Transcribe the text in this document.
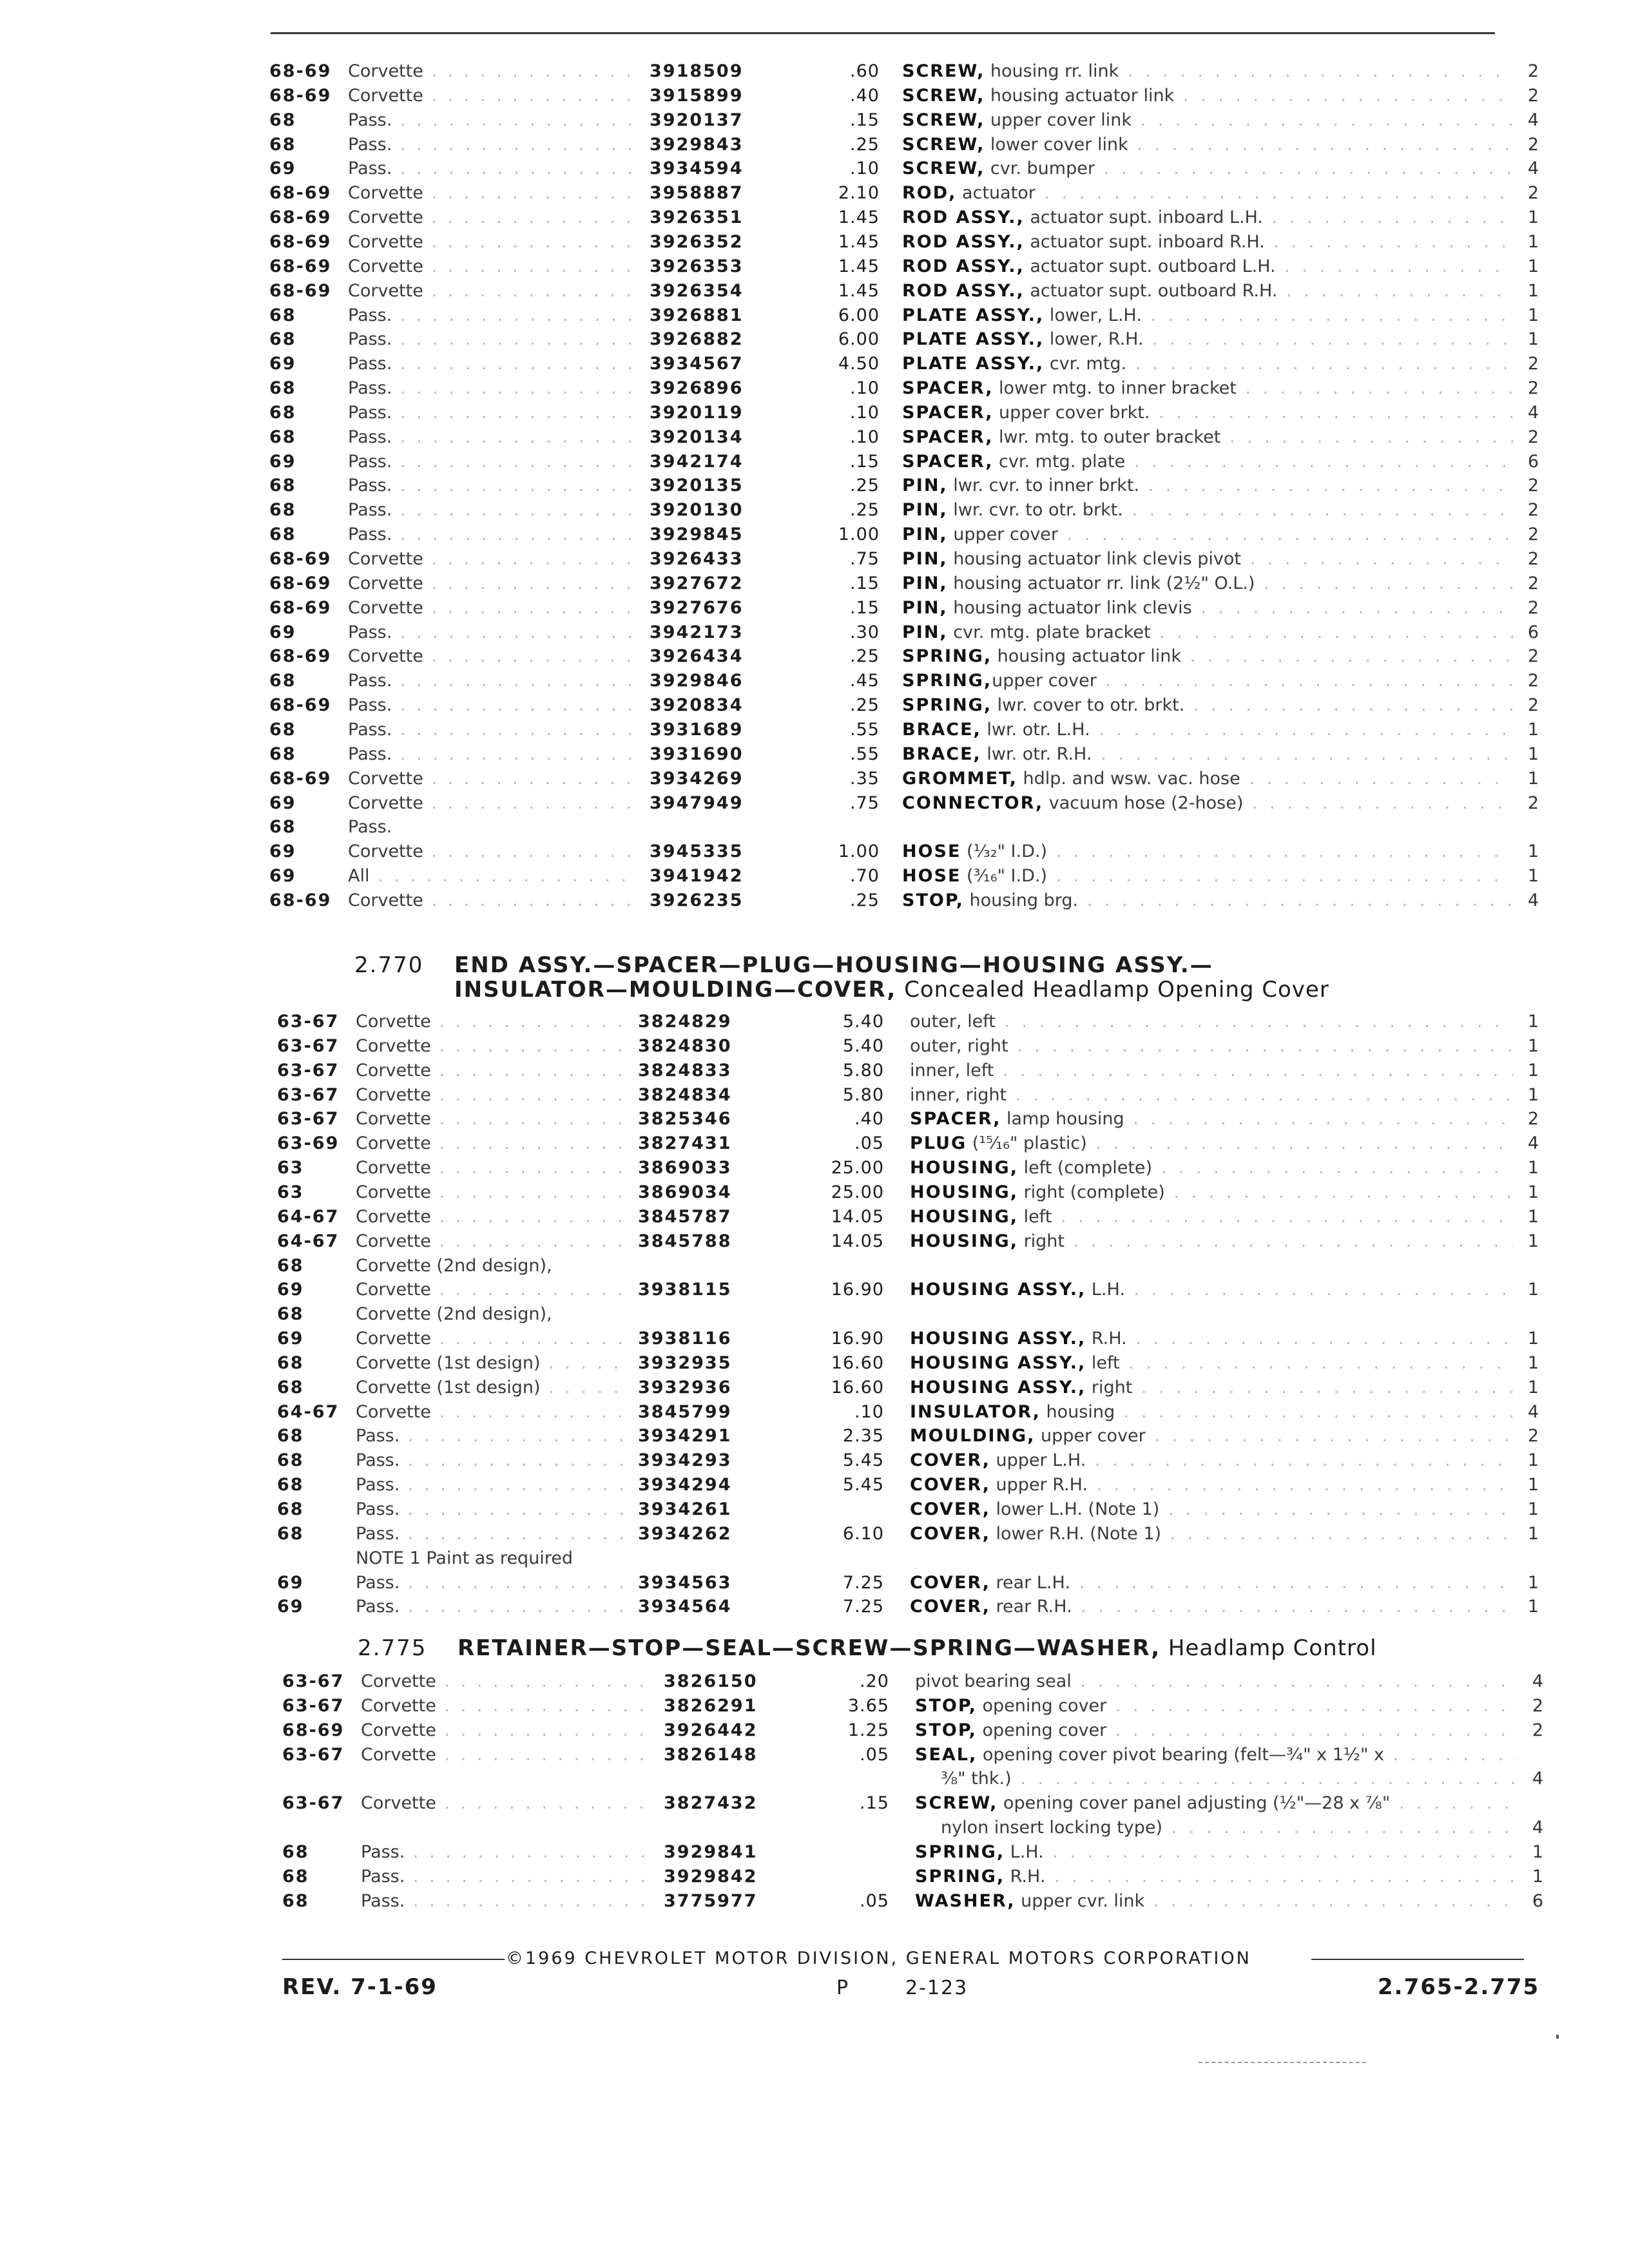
68-69 Corvette . . .	3918509	.60 SCREW, housing rr. link . . .	2
68-69 Corvette . . .	3915899	.40 SCREW, housing actuator link . . .	2
68	Pass. . . .	3920137	.15 SCREW, upper cover link . . .	4
68	Pass. . . .	3929843	.25 SCREW, lower cover link . . .	2
69	Pass. . . .	3934594	.10 SCREW, cvr. bumper . . .	4
68-69 Corvette . . .	3958887	2.10 ROD, actuator . . .	2
68-69 Corvette . . .	3926351	1.45 ROD ASSY., actuator supt. inboard L.H. . . .	1
68-69 Corvette . . .	3926352	1.45 ROD ASSY., actuator supt. inboard R.H. . . .	1
68-69 Corvette . . .	3926353	1.45 ROD ASSY., actuator supt. outboard L.H. . . .	1
68-69 Corvette . . .	3926354	1.45 ROD ASSY., actuator supt. outboard R.H. . . .	1
68	Pass. . . .	3926881	6.00 PLATE ASSY., lower, L.H. . . .	1
68	Pass. . . .	3926882	6.00 PLATE ASSY., lower, R.H. . . .	1
69	Pass. . . .	3934567	4.50 PLATE ASSY., cvr. mtg. . . .	2
68	Pass. . . .	3926896	.10 SPACER, lower mtg. to inner bracket . . .	2
68	Pass. . . .	3920119	.10 SPACER, upper cover brkt. . . .	4
68	Pass. . . .	3920134	.10 SPACER, lwr. mtg. to outer bracket . . .	2
69	Pass. . . .	3942174	.15 SPACER, cvr. mtg. plate . . .	6
68	Pass. . . .	3920135	.25 PIN, lwr. cvr. to inner brkt. . . .	2
68	Pass. . . .	3920130	.25 PIN, lwr. cvr. to otr. brkt. . . .	2
68	Pass. . . .	3929845	1.00 PIN, upper cover . . .	2
68-69 Corvette . . .	3926433	.75 PIN, housing actuator link clevis pivot . . .	2
68-69 Corvette . . .	3927672	.15 PIN, housing actuator rr. link (2½" O.L.) . . .	2
68-69 Corvette . . .	3927676	.15 PIN, housing actuator link clevis . . .	2
69	Pass. . . .	3942173	.30 PIN, cvr. mtg. plate bracket . . .	6
68-69 Corvette . . .	3926434	.25 SPRING, housing actuator link . . .	2
68	Pass. . . .	3929846	.45 SPRING,upper cover . . .	2
68-69 Pass. . . .	3920834	.25 SPRING, lwr. cover to otr. brkt. . . .	2
68	Pass. . . .	3931689	.55 BRACE, lwr. otr. L.H. . . .	1
68	Pass. . . .	3931690	.55 BRACE, lwr. otr. R.H. . . .	1
68-69 Corvette . . .	3934269	.35 GROMMET, hdlp. and wsw. vac. hose . . .	1
69	Corvette . . .	3947949	.75 CONNECTOR, vacuum hose (2-hose) . . .	2
68	Pass.
69	Corvette . . .	3945335	1.00 HOSE (¹⁄₃₂" I.D.) . . .	1
69	All . . .	3941942	.70 HOSE (³⁄₁₆" I.D.) . . .	1
68-69 Corvette . . .	3926235	.25 STOP, housing brg. . . .	4
2.770 END ASSY.—SPACER—PLUG—HOUSING—HOUSING ASSY.—
INSULATOR—MOULDING—COVER, Concealed Headlamp Opening Cover
63-67 Corvette . . .	3824829	5.40 outer, left . . .	1
63-67 Corvette . . .	3824830	5.40 outer, right . . .	1
63-67 Corvette . . .	3824833	5.80 inner, left . . .	1
63-67 Corvette . . .	3824834	5.80 inner, right . . .	1
63-67 Corvette . . .	3825346	.40 SPACER, lamp housing . . .	2
63-69 Corvette . . .	3827431	.05 PLUG (¹⁵⁄₁₆" plastic) . . .	4
63	Corvette . . .	3869033	25.00 HOUSING, left (complete) . . .	1
63	Corvette . . .	3869034	25.00 HOUSING, right (complete) . . .	1
64-67 Corvette . . .	3845787	14.05 HOUSING, left . . .	1
64-67 Corvette . . .	3845788	14.05 HOUSING, right . . .	1
68	Corvette (2nd design),
69	Corvette . . .	3938115	16.90 HOUSING ASSY., L.H. . . .	1
68	Corvette (2nd design),
69	Corvette . . .	3938116	16.90 HOUSING ASSY., R.H. . . .	1
68	Corvette (1st design) . . .	3932935	16.60 HOUSING ASSY., left . . .	1
68	Corvette (1st design) . . .	3932936	16.60 HOUSING ASSY., right . . .	1
64-67 Corvette . . .	3845799	.10 INSULATOR, housing . . .	4
68	Pass. . . .	3934291	2.35 MOULDING, upper cover . . .	2
68	Pass. . . .	3934293	5.45 COVER, upper L.H. . . .	1
68	Pass. . . .	3934294	5.45 COVER, upper R.H. . . .	1
68	Pass. . . .	3934261	COVER, lower L.H. (Note 1) . . .	1
68	Pass. . . .	3934262	6.10 COVER, lower R.H. (Note 1) . . .	1
NOTE 1 Paint as required
69	Pass. . . .	3934563	7.25 COVER, rear L.H. . . .	1
69	Pass. . . .	3934564	7.25 COVER, rear R.H. . . .	1
2.775 RETAINER—STOP—SEAL—SCREW—SPRING—WASHER, Headlamp Control
63-67 Corvette . . .	3826150	.20 pivot bearing seal . . .	4
63-67 Corvette . . .	3826291	3.65 STOP, opening cover . . .	2
68-69 Corvette . . .	3926442	1.25 STOP, opening cover . . .	2
63-67 Corvette . . .	3826148	.05 SEAL, opening cover pivot bearing (felt—¾" x 1½" x . . .
⅜" thk.) . . .	4
63-67 Corvette . . .	3827432	.15 SCREW, opening cover panel adjusting (½"—28 x ⅞" . . .
nylon insert locking type) . . .	4
68	Pass. . . .	3929841	SPRING, L.H. . . .	1
68	Pass. . . .	3929842	SPRING, R.H. . . .	1
68	Pass. . . .	3775977	.05 WASHER, upper cvr. link . . .	6
©1969 CHEVROLET MOTOR DIVISION, GENERAL MOTORS CORPORATION
REV. 7-1-69	P	2-123	2.765-2.775
